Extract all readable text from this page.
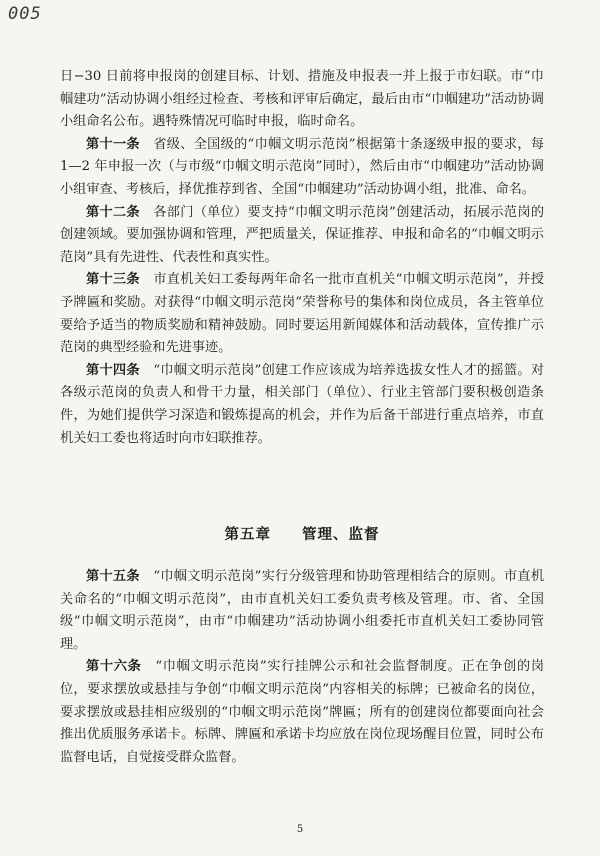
005

日−30 日前将申报岗的创建目标、计划、措施及申报表一并上报于市妇联。市“巾帼建功”活动协调小组经过检查、考核和评审后确定，最后由市“巾帼建功”活动协调小组命名公布。遇特殊情况可临时申报，临时命名。

第十一条　省级、全国级的“巾帼文明示范岗”根据第十条逐级申报的要求，每 1—2 年申报一次（与市级“巾帼文明示范岗”同时），然后由市“巾帼建功”活动协调小组审查、考核后，择优推荐到省、全国“巾帼建功”活动协调小组，批准、命名。

第十二条　各部门（单位）要支持“巾帼文明示范岗”创建活动，拓展示范岗的创建领域。要加强协调和管理，严把质量关，保证推荐、申报和命名的“巾帼文明示范岗”具有先进性、代表性和真实性。

第十三条　市直机关妇工委每两年命名一批市直机关“巾帼文明示范岗”，并授予牌匾和奖励。对获得“巾帼文明示范岗”荣誉称号的集体和岗位成员，各主管单位要给予适当的物质奖励和精神鼓励。同时要运用新闻媒体和活动载体，宣传推广示范岗的典型经验和先进事迹。

第十四条　“巾帼文明示范岗”创建工作应该成为培养选拔女性人才的摇篮。对各级示范岗的负责人和骨干力量，相关部门（单位）、行业主管部门要积极创造条件，为她们提供学习深造和锻炼提高的机会，并作为后备干部进行重点培养，市直机关妇工委也将适时向市妇联推荐。

第五章　　管理、监督

第十五条　“巾帼文明示范岗”实行分级管理和协助管理相结合的原则。市直机关命名的“巾帼文明示范岗”，由市直机关妇工委负责考核及管理。市、省、全国级“巾帼文明示范岗”，由市“巾帼建功”活动协调小组委托市直机关妇工委协同管理。

第十六条　“巾帼文明示范岗”实行挂牌公示和社会监督制度。正在争创的岗位，要求摆放或悬挂与争创“巾帼文明示范岗”内容相关的标牌；已被命名的岗位，要求摆放或悬挂相应级别的“巾帼文明示范岗”牌匾；所有的创建岗位都要面向社会推出优质服务承诺卡。标牌、牌匾和承诺卡均应放在岗位现场醒目位置，同时公布监督电话，自觉接受群众监督。

5
